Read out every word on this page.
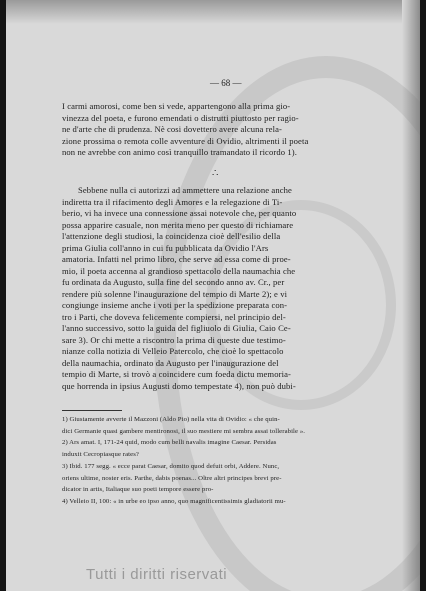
— 68 —
I carmi amorosi, come ben si vede, appartengono alla prima gio-
vinezza del poeta, e furono emendati o distrutti piuttosto per ragio-
ne d'arte che di prudenza. Nè cosi dovettero avere alcuna rela-
zione prossima o remota colle avventure di Ovidio, altrimenti il poeta
non ne avrebbe con animo così tranquillo tramandato il ricordo 1).
∴
Sebbene nulla ci autorizzi ad ammettere una relazione anche
indiretta tra il rifacimento degli Amores e la relegazione di Ti-
berio, vi ha invece una connessione assai notevole che, per quanto
possa apparire casuale, non merita meno per questo di richiamare
l'attenzione degli studiosi, la coincidenza cioè dell'esilio della
prima Giulia coll'anno in cui fu pubblicata da Ovidio l'Ars
amatoria. Infatti nel primo libro, che serve ad essa come di proe-
mio, il poeta accenna al grandioso spettacolo della naumachia che
fu ordinata da Augusto, sulla fine del secondo anno av. Cr., per
rendere più solenne l'inaugurazione del tempio di Marte 2); e vi
congiunge insieme anche i voti per la spedizione preparata con-
tro i Parti, che doveva felicemente compiersi, nel principio del-
l'anno successivo, sotto la guida del figliuolo di Giulia, Caio Ce-
sare 3). Or chi mette a riscontro la prima di queste due testimo-
nianze colla notizia di Velleio Patercolo, che cioè lo spettacolo
della naumachia, ordinato da Augusto per l'inaugurazione del
tempio di Marte, si trovò a coincidere cum foeda dictu memoria-
que horrenda in ipsius Augusti domo tempestate 4), non può dubi-
1) Giustamente avverte il Mazzoni (Aldo Pio) nella vita di Ovidio: « che quin-
dici Germanie quasi gambere mentironosi, il suo mestiere mi sembra assai tollerabile ».
2) Ars amat. I, 171-24 quid, modo cum belli navalis imagine Caesar. Persidas
induxit Cecropiasque rates?
3) Ibid. 177 segg. « ecce parat Caesar, domito quod defuit orbi, Addere. Nunc,
oriens ultime, noster eris. Parthe, dabis poenas... Oltre altri principes brevi pre-
dicator in artis, Italiaque suo poeti tempore essere pro-
4) Velleio II, 100: « in urbe eo ipso anno, quo magnificentissimis gladiatorii mu-
Tutti i diritti riservati
